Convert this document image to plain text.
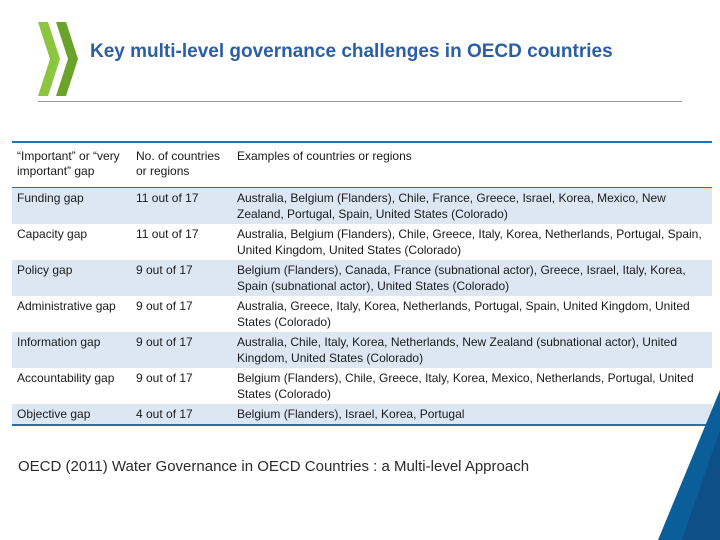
Key multi-level governance challenges in OECD countries
“Important” or “very important” gap	No. of countries or regions	Examples of countries or regions
Funding gap	11 out of 17	Australia, Belgium (Flanders), Chile, France, Greece, Israel, Korea, Mexico, New Zealand, Portugal, Spain, United States (Colorado)
Capacity gap	11 out of 17	Australia, Belgium (Flanders), Chile, Greece, Italy, Korea, Netherlands, Portugal, Spain, United Kingdom, United States (Colorado)
Policy gap	9 out of 17	Belgium (Flanders), Canada, France (subnational actor), Greece, Israel, Italy, Korea, Spain (subnational actor), United States (Colorado)
Administrative gap	9 out of 17	Australia, Greece, Italy, Korea, Netherlands, Portugal, Spain, United Kingdom, United States (Colorado)
Information gap	9 out of 17	Australia, Chile, Italy, Korea, Netherlands, New Zealand (subnational actor), United Kingdom, United States (Colorado)
Accountability gap	9 out of 17	Belgium (Flanders), Chile, Greece, Italy, Korea, Mexico, Netherlands, Portugal, United States (Colorado)
Objective gap	4 out of 17	Belgium (Flanders), Israel, Korea, Portugal
OECD (2011) Water Governance in OECD Countries : a Multi-level Approach
